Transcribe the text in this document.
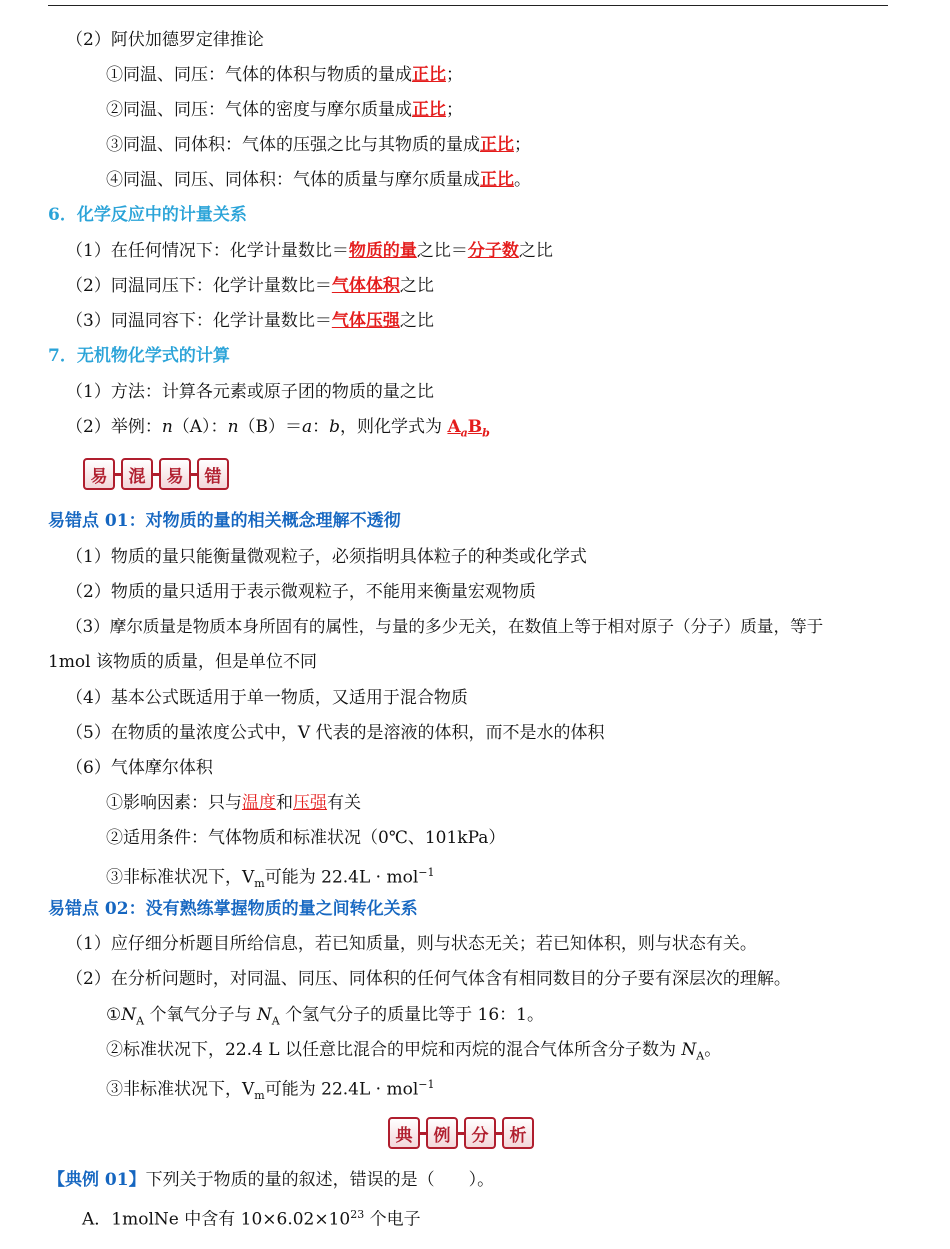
（2）阿伏加德罗定律推论
①同温、同压：气体的体积与物质的量成正比；
②同温、同压：气体的密度与摩尔质量成正比；
③同温、同体积：气体的压强之比与其物质的量成正比；
④同温、同压、同体积：气体的质量与摩尔质量成正比。
6．化学反应中的计量关系
（1）在任何情况下：化学计量数比＝物质的量之比＝分子数之比
（2）同温同压下：化学计量数比＝气体体积之比
（3）同温同容下：化学计量数比＝气体压强之比
7．无机物化学式的计算
（1）方法：计算各元素或原子团的物质的量之比
（2）举例：n（A）：n（B）＝a：b，则化学式为 $A_aB_b$
易	混	易	错
易错点 01：对物质的量的相关概念理解不透彻
（1）物质的量只能衡量微观粒子，必须指明具体粒子的种类或化学式
（2）物质的量只适用于表示微观粒子，不能用来衡量宏观物质
（3）摩尔质量是物质本身所固有的属性，与量的多少无关，在数值上等于相对原子（分子）质量，等于
1mol 该物质的质量，但是单位不同
（4）基本公式既适用于单一物质，又适用于混合物质
（5）在物质的量浓度公式中，V 代表的是溶液的体积，而不是水的体积
（6）气体摩尔体积
①影响因素：只与温度和压强有关
②适用条件：气体物质和标准状况（0℃、101kPa）
③非标准状况下，$V_m$可能为 22.4L · mol$^{-1}$
易错点 02：没有熟练掌握物质的量之间转化关系
（1）应仔细分析题目所给信息，若已知质量，则与状态无关；若已知体积，则与状态有关。
（2）在分析问题时，对同温、同压、同体积的任何气体含有相同数目的分子要有深层次的理解。
$①N_A$ 个氧气分子与 $N_A$ 个氢气分子的质量比等于 16：1。
②标准状况下，22.4 L 以任意比混合的甲烷和丙烷的混合气体所含分子数为 $N_A$。
③非标准状况下，$V_m$可能为 22.4L · mol$^{-1}$
典	例	分	析
【典例 01】下列关于物质的量的叙述，错误的是（　　）。
A．1molNe 中含有 $10\times 6.02\times 10^{23}$ 个电子
